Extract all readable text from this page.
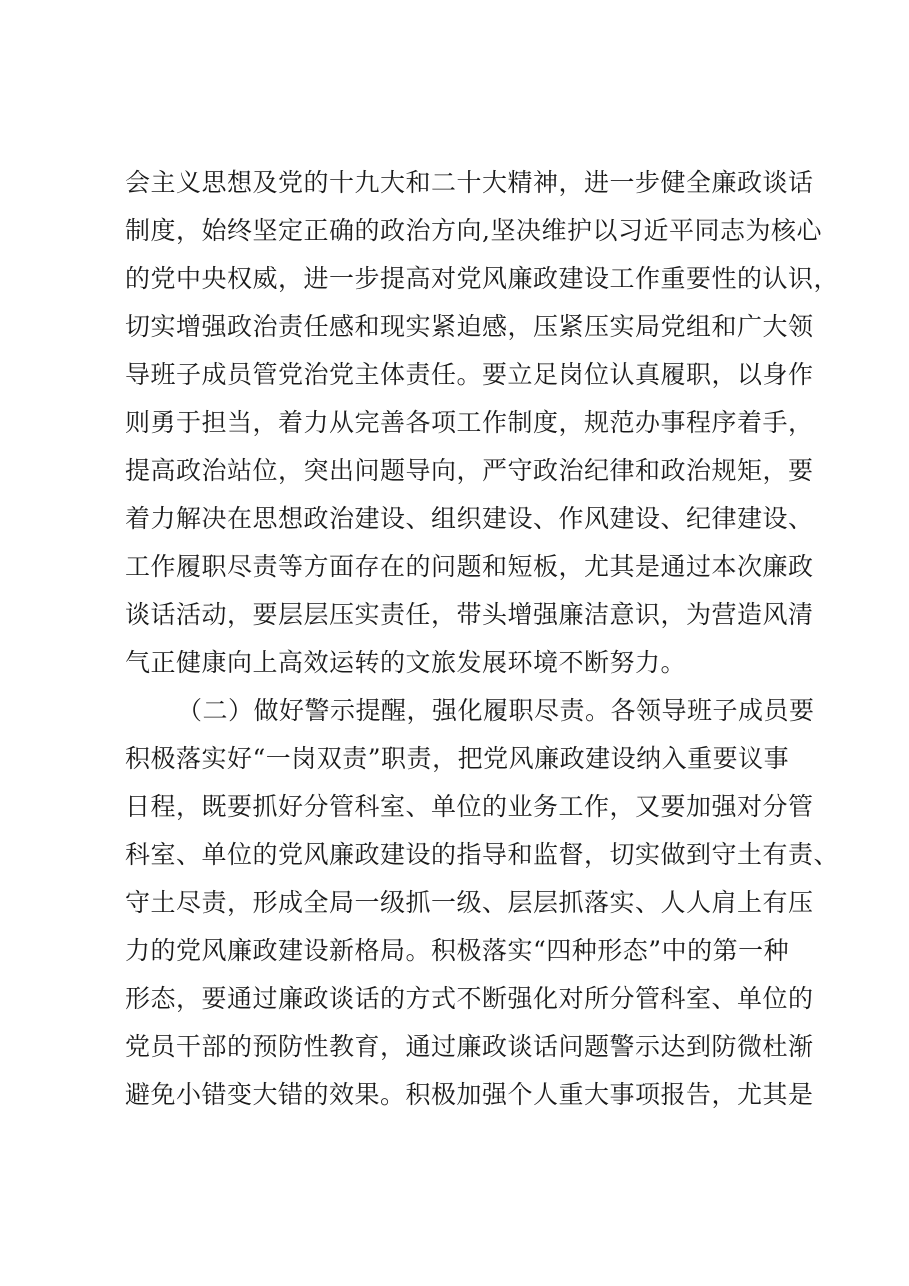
会主义思想及党的十九大和二十大精神，进一步健全廉政谈话
制度，始终坚定正确的政治方向,坚决维护以习近平同志为核心
的党中央权威，进一步提高对党风廉政建设工作重要性的认识，
切实增强政治责任感和现实紧迫感，压紧压实局党组和广大领
导班子成员管党治党主体责任。要立足岗位认真履职，以身作
则勇于担当，着力从完善各项工作制度，规范办事程序着手，
提高政治站位，突出问题导向，严守政治纪律和政治规矩，要
着力解决在思想政治建设、组织建设、作风建设、纪律建设、
工作履职尽责等方面存在的问题和短板，尤其是通过本次廉政
谈话活动，要层层压实责任，带头增强廉洁意识，为营造风清
气正健康向上高效运转的文旅发展环境不断努力。
（二）做好警示提醒，强化履职尽责。各领导班子成员要
积极落实好“一岗双责”职责，把党风廉政建设纳入重要议事
日程，既要抓好分管科室、单位的业务工作，又要加强对分管
科室、单位的党风廉政建设的指导和监督，切实做到守土有责、
守土尽责，形成全局一级抓一级、层层抓落实、人人肩上有压
力的党风廉政建设新格局。积极落实“四种形态”中的第一种
形态，要通过廉政谈话的方式不断强化对所分管科室、单位的
党员干部的预防性教育，通过廉政谈话问题警示达到防微杜渐
避免小错变大错的效果。积极加强个人重大事项报告，尤其是
